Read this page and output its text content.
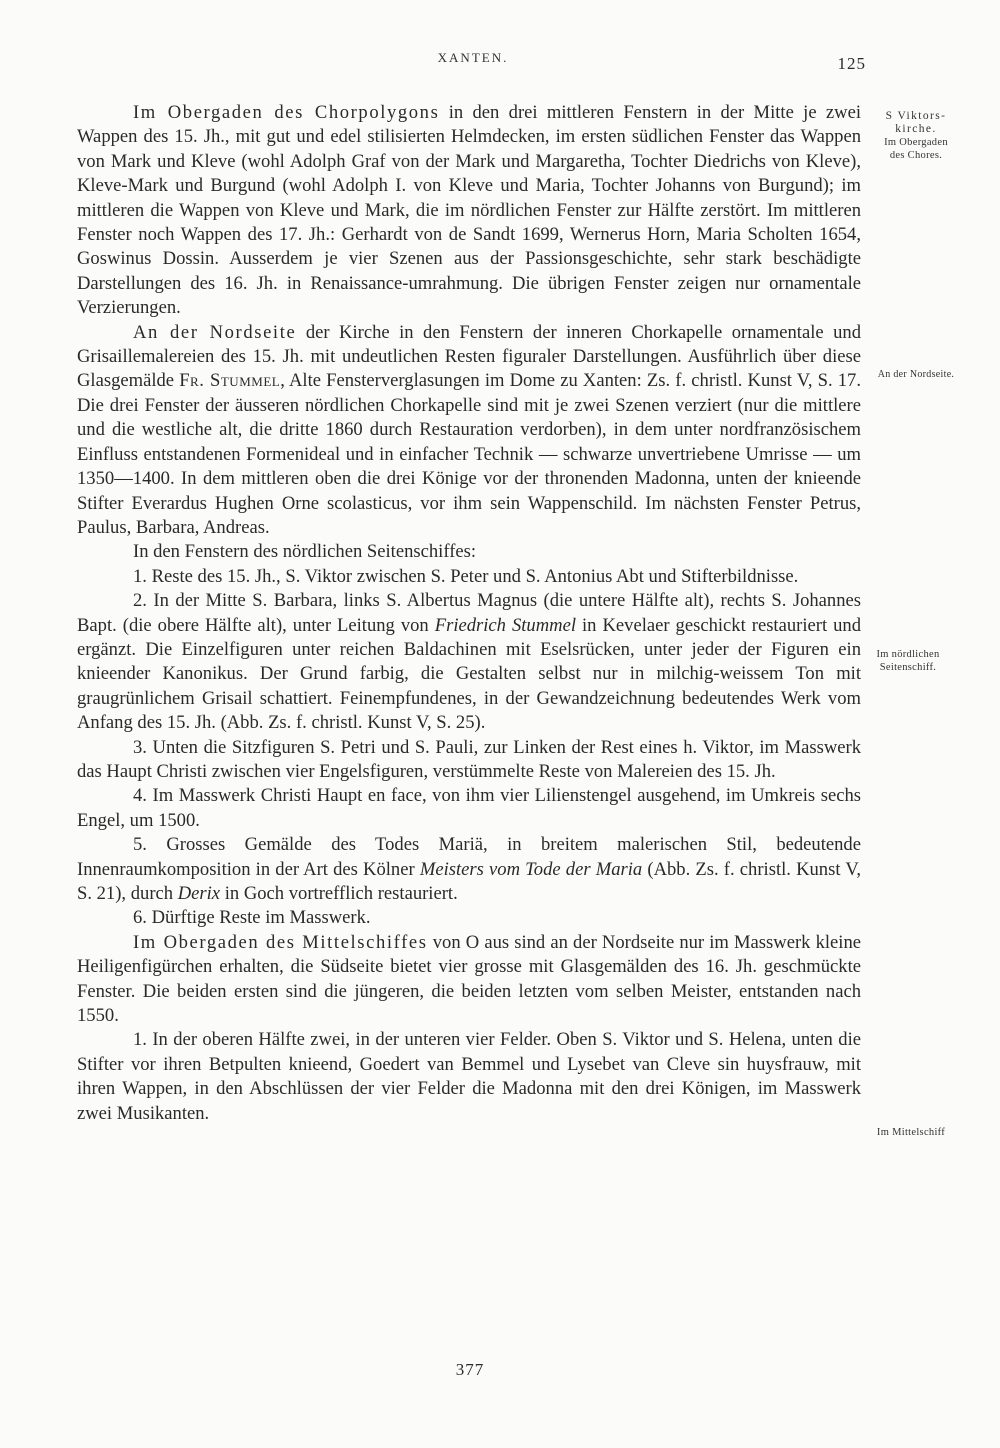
XANTEN.	125
S Viktors-
kirche.
Im Obergaden
des Chores.
An der Nordseite.
Im nördlichen
Seitenschiff.
Im Mittelschiff

Im Obergaden des Chorpolygons in den drei mittleren Fenstern in der Mitte je zwei Wappen des 15. Jh., mit gut und edel stilisierten Helmdecken, im ersten südlichen Fenster das Wappen von Mark und Kleve (wohl Adolph Graf von der Mark und Margaretha, Tochter Diedrichs von Kleve), Kleve-Mark und Burgund (wohl Adolph I. von Kleve und Maria, Tochter Johanns von Burgund); im mittleren die Wappen von Kleve und Mark, die im nördlichen Fenster zur Hälfte zerstört. Im mittleren Fenster noch Wappen des 17. Jh.: Gerhardt von de Sandt 1699, Wernerus Horn, Maria Scholten 1654, Goswinus Dossin. Ausserdem je vier Szenen aus der Passionsgeschichte, sehr stark beschädigte Darstellungen des 16. Jh. in Renaissance-umrahmung. Die übrigen Fenster zeigen nur ornamentale Verzierungen.

An der Nordseite der Kirche in den Fenstern der inneren Chorkapelle ornamentale und Grisaillemalereien des 15. Jh. mit undeutlichen Resten figuraler Darstellungen. Ausführlich über diese Glasgemälde Fr. Stummel, Alte Fensterverglasungen im Dome zu Xanten: Zs. f. christl. Kunst V, S. 17. Die drei Fenster der äusseren nördlichen Chorkapelle sind mit je zwei Szenen verziert (nur die mittlere und die westliche alt, die dritte 1860 durch Restauration verdorben), in dem unter nordfranzösischem Einfluss entstandenen Formenideal und in einfacher Technik — schwarze unvertriebene Umrisse — um 1350—1400. In dem mittleren oben die drei Könige vor der thronenden Madonna, unten der knieende Stifter Everardus Hughen Orne scolasticus, vor ihm sein Wappenschild. Im nächsten Fenster Petrus, Paulus, Barbara, Andreas.

In den Fenstern des nördlichen Seitenschiffes:

1. Reste des 15. Jh., S. Viktor zwischen S. Peter und S. Antonius Abt und Stifterbildnisse.

2. In der Mitte S. Barbara, links S. Albertus Magnus (die untere Hälfte alt), rechts S. Johannes Bapt. (die obere Hälfte alt), unter Leitung von Friedrich Stummel in Kevelaer geschickt restauriert und ergänzt. Die Einzelfiguren unter reichen Baldachinen mit Eselsrücken, unter jeder der Figuren ein knieender Kanonikus. Der Grund farbig, die Gestalten selbst nur in milchig-weissem Ton mit graugrünlichem Grisail schattiert. Feinempfundenes, in der Gewandzeichnung bedeutendes Werk vom Anfang des 15. Jh. (Abb. Zs. f. christl. Kunst V, S. 25).

3. Unten die Sitzfiguren S. Petri und S. Pauli, zur Linken der Rest eines h. Viktor, im Masswerk das Haupt Christi zwischen vier Engelsfiguren, verstümmelte Reste von Malereien des 15. Jh.

4. Im Masswerk Christi Haupt en face, von ihm vier Lilienstengel ausgehend, im Umkreis sechs Engel, um 1500.

5. Grosses Gemälde des Todes Mariä, in breitem malerischen Stil, bedeutende Innenraumkomposition in der Art des Kölner Meisters vom Tode der Maria (Abb. Zs. f. christl. Kunst V, S. 21), durch Derix in Goch vortrefflich restauriert.

6. Dürftige Reste im Masswerk.

Im Obergaden des Mittelschiffes von O aus sind an der Nordseite nur im Masswerk kleine Heiligenfigürchen erhalten, die Südseite bietet vier grosse mit Glasgemälden des 16. Jh. geschmückte Fenster. Die beiden ersten sind die jüngeren, die beiden letzten vom selben Meister, entstanden nach 1550.

1. In der oberen Hälfte zwei, in der unteren vier Felder. Oben S. Viktor und S. Helena, unten die Stifter vor ihren Betpulten knieend, Goedert van Bemmel und Lysebet van Cleve sin huysfrauw, mit ihren Wappen, in den Abschlüssen der vier Felder die Madonna mit den drei Königen, im Masswerk zwei Musikanten.

377
